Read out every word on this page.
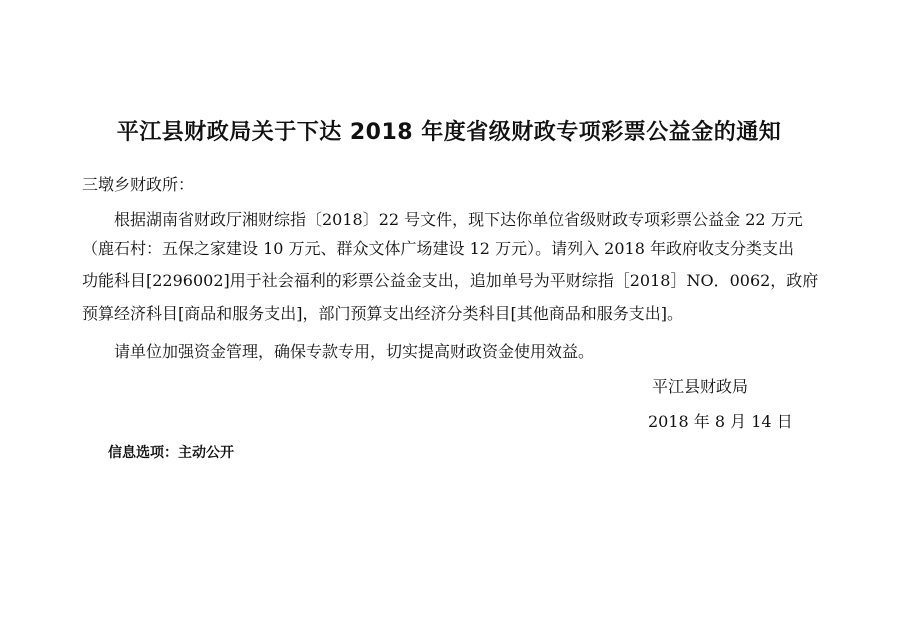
平江县财政局关于下达 2018 年度省级财政专项彩票公益金的通知
三墩乡财政所：
根据湖南省财政厅湘财综指〔2018〕22 号文件，现下达你单位省级财政专项彩票公益金 22 万元
（鹿石村：五保之家建设 10 万元、群众文体广场建设 12 万元）。请列入 2018 年政府收支分类支出
功能科目[2296002]用于社会福利的彩票公益金支出，追加单号为平财综指［2018］NO．0062，政府
预算经济科目[商品和服务支出]，部门预算支出经济分类科目[其他商品和服务支出]。
请单位加强资金管理，确保专款专用，切实提高财政资金使用效益。
平江县财政局
2018 年 8 月 14 日
信息选项：主动公开
